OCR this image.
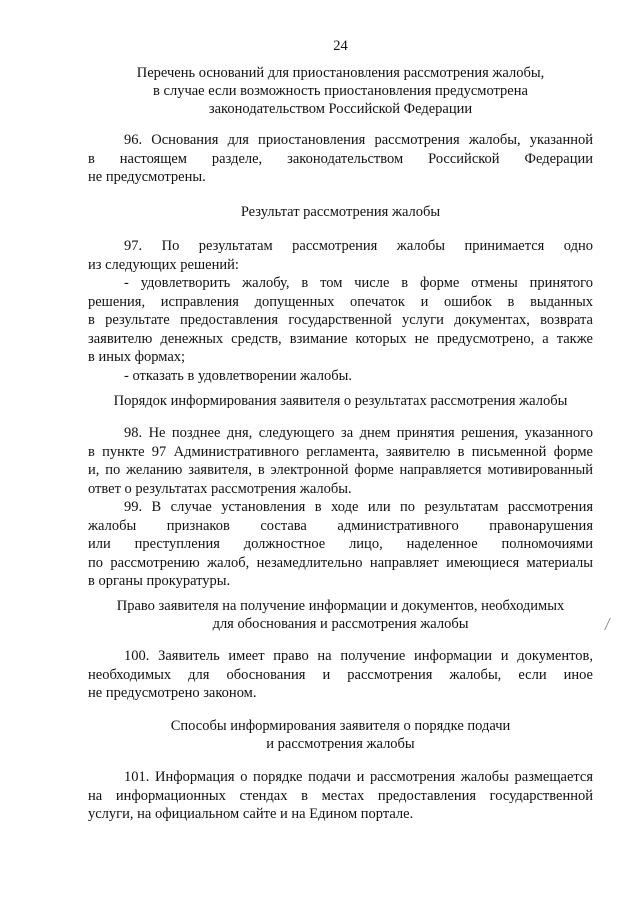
24
Перечень оснований для приостановления рассмотрения жалобы,
в случае если возможность приостановления предусмотрена
законодательством Российской Федерации
96. Основания для приостановления рассмотрения жалобы, указанной
в настоящем разделе, законодательством Российской Федерации
не предусмотрены.
Результат рассмотрения жалобы
97. По результатам рассмотрения жалобы принимается одно
из следующих решений:
- удовлетворить жалобу, в том числе в форме отмены принятого
решения, исправления допущенных опечаток и ошибок в выданных
в результате предоставления государственной услуги документах, возврата
заявителю денежных средств, взимание которых не предусмотрено, а также
в иных формах;
- отказать в удовлетворении жалобы.
Порядок информирования заявителя о результатах рассмотрения жалобы
98. Не позднее дня, следующего за днем принятия решения, указанного
в пункте 97 Административного регламента, заявителю в письменной форме
и, по желанию заявителя, в электронной форме направляется мотивированный
ответ о результатах рассмотрения жалобы.
99. В случае установления в ходе или по результатам рассмотрения
жалобы признаков состава административного правонарушения
или преступления должностное лицо, наделенное полномочиями
по рассмотрению жалоб, незамедлительно направляет имеющиеся материалы
в органы прокуратуры.
Право заявителя на получение информации и документов, необходимых
для обоснования и рассмотрения жалобы
100. Заявитель имеет право на получение информации и документов,
необходимых для обоснования и рассмотрения жалобы, если иное
не предусмотрено законом.
Способы информирования заявителя о порядке подачи
и рассмотрения жалобы
101. Информация о порядке подачи и рассмотрения жалобы размещается
на информационных стендах в местах предоставления государственной
услуги, на официальном сайте и на Едином портале.
